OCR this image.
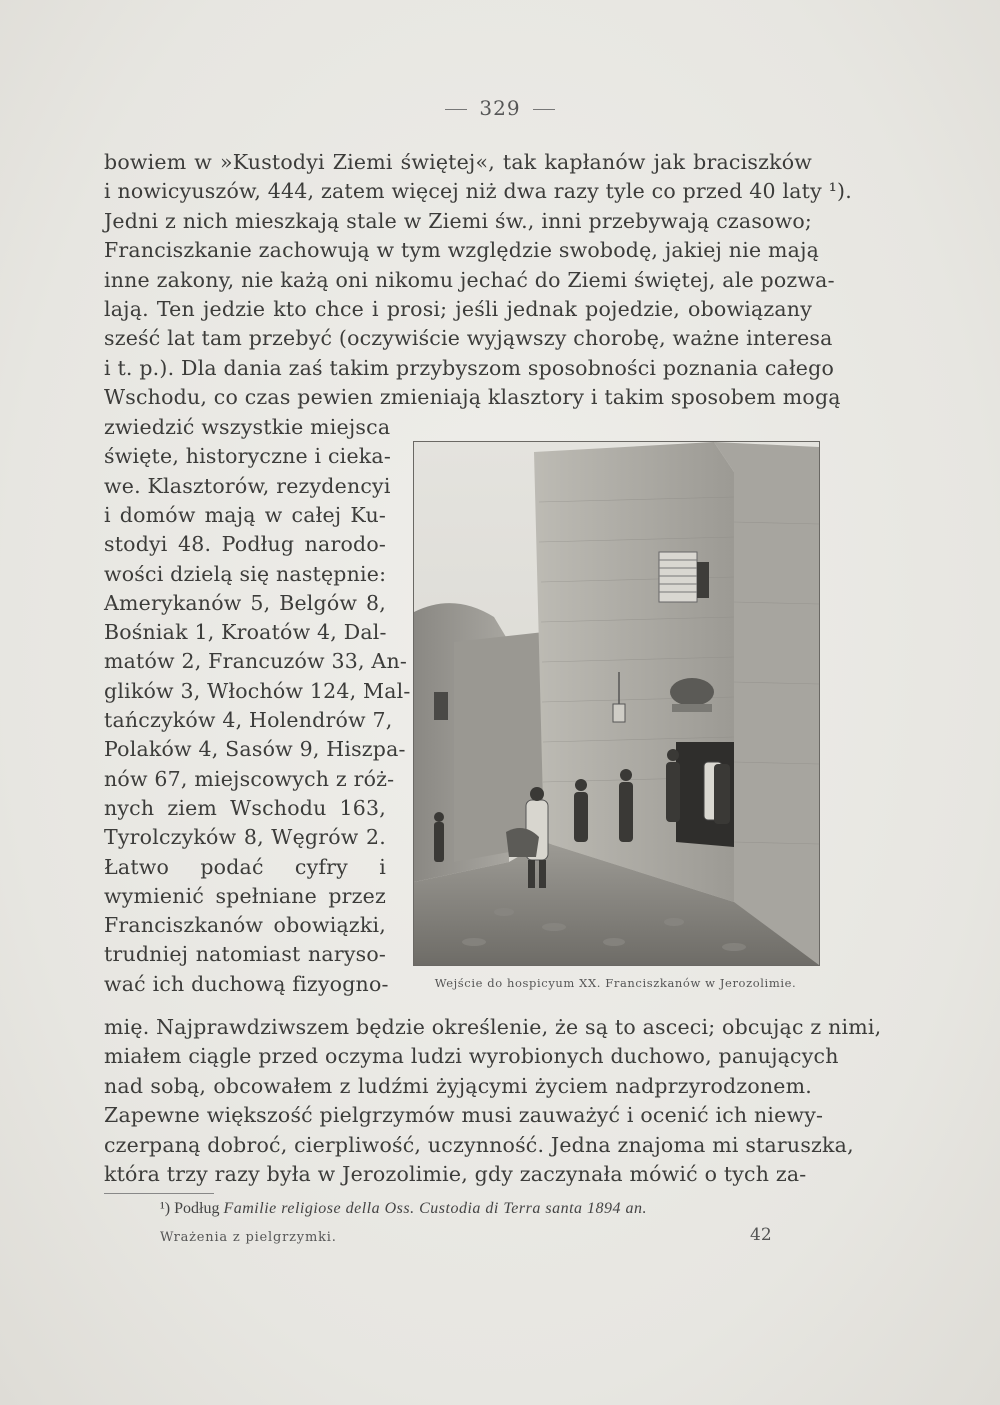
329
bowiem w »Kustodyi Ziemi świętej«, tak kapłanów jak braciszków
i nowicyuszów, 444, zatem więcej niż dwa razy tyle co przed 40 laty ¹).
Jedni z nich mieszkają stale w Ziemi św., inni przebywają czasowo;
Franciszkanie zachowują w tym względzie swobodę, jakiej nie mają
inne zakony, nie każą oni nikomu jechać do Ziemi świętej, ale pozwa-
lają. Ten jedzie kto chce i prosi; jeśli jednak pojedzie, obowiązany
sześć lat tam przebyć (oczywiście wyjąwszy chorobę, ważne interesa
i t. p.). Dla dania zaś takim przybyszom sposobności poznania całego
Wschodu, co czas pewien zmieniają klasztory i takim sposobem mogą
zwiedzić wszystkie miejsca
święte, historyczne i cieka-
we. Klasztorów, rezydencyi
i domów mają w całej Ku-
stodyi 48. Podług narodo-
wości dzielą się następnie:
Amerykanów 5, Belgów 8,
Bośniak 1, Kroatów 4, Dal-
matów 2, Francuzów 33, An-
glików 3, Włochów 124, Mal-
tańczyków 4, Holendrów 7,
Polaków 4, Sasów 9, Hiszpa-
nów 67, miejscowych z róż-
nych ziem Wschodu 163,
Tyrolczyków 8, Węgrów 2.
Łatwo podać cyfry i
wymienić spełniane przez
Franciszkanów obowiązki,
trudniej natomiast naryso-
wać ich duchową fizyogno-
mię. Najprawdziwszem będzie określenie, że są to asceci; obcując z nimi,
miałem ciągle przed oczyma ludzi wyrobionych duchowo, panujących
nad sobą, obcowałem z ludźmi żyjącymi życiem nadprzyrodzonem.
Zapewne większość pielgrzymów musi zauważyć i ocenić ich niewy-
czerpaną dobroć, cierpliwość, uczynność. Jedna znajoma mi staruszka,
która trzy razy była w Jerozolimie, gdy zaczynała mówić o tych za-
Wejście do hospicyum XX. Franciszkanów w Jerozolimie.
¹) Podług Familie religiose della Oss. Custodia di Terra santa 1894 an.
Wrażenia z pielgrzymki.	42
